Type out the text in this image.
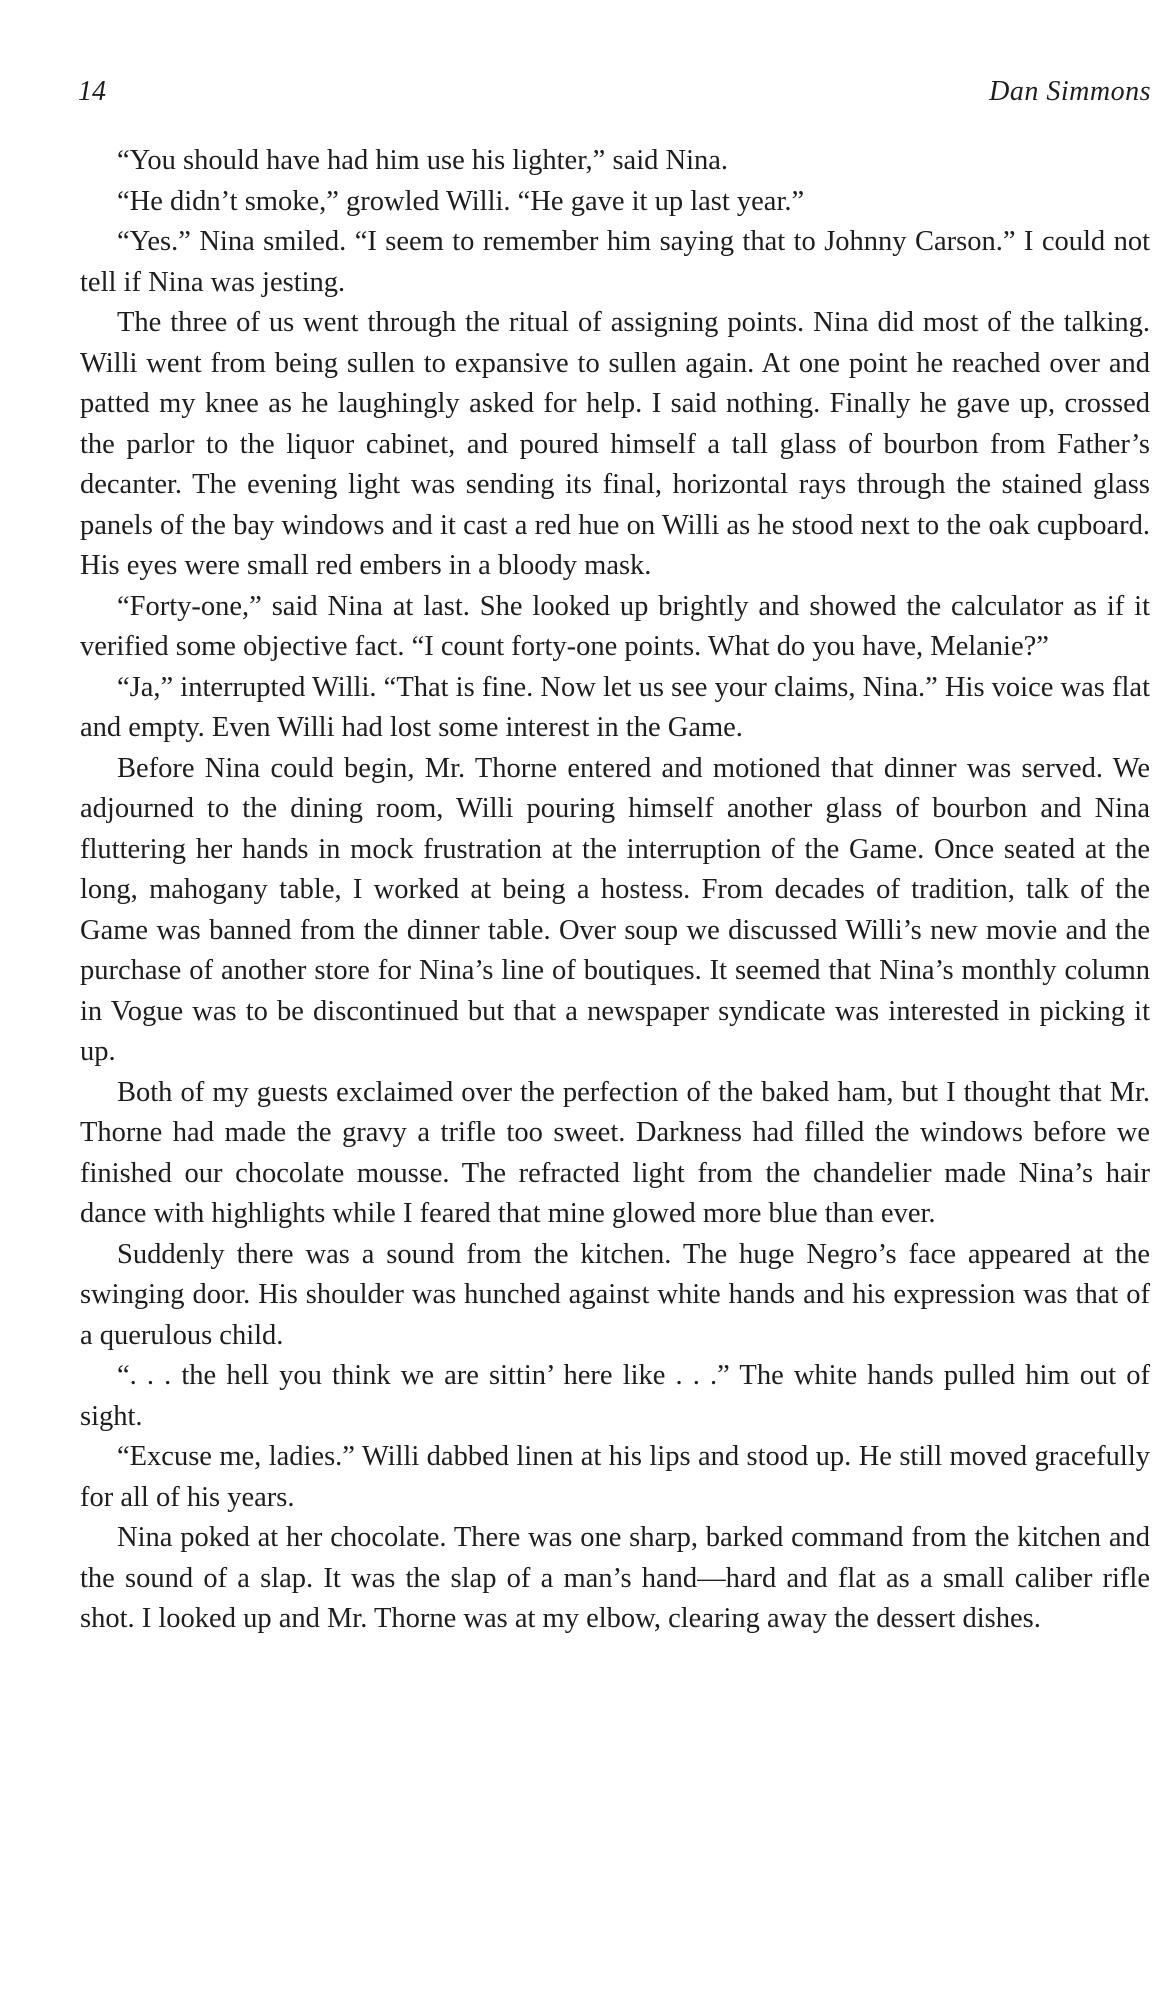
14	Dan Simmons

“You should have had him use his lighter,” said Nina.

“He didn’t smoke,” growled Willi. “He gave it up last year.”

“Yes.” Nina smiled. “I seem to remember him saying that to Johnny Carson.” I could not tell if Nina was jesting.

The three of us went through the ritual of assigning points. Nina did most of the talking. Willi went from being sullen to expansive to sullen again. At one point he reached over and patted my knee as he laughingly asked for help. I said nothing. Finally he gave up, crossed the parlor to the liquor cabinet, and poured himself a tall glass of bourbon from Father’s decanter. The evening light was sending its final, horizontal rays through the stained glass panels of the bay windows and it cast a red hue on Willi as he stood next to the oak cupboard. His eyes were small red embers in a bloody mask.

“Forty-one,” said Nina at last. She looked up brightly and showed the calculator as if it verified some objective fact. “I count forty-one points. What do you have, Melanie?”

“Ja,” interrupted Willi. “That is fine. Now let us see your claims, Nina.” His voice was flat and empty. Even Willi had lost some interest in the Game.

Before Nina could begin, Mr. Thorne entered and motioned that dinner was served. We adjourned to the dining room, Willi pouring himself another glass of bourbon and Nina fluttering her hands in mock frustration at the interruption of the Game. Once seated at the long, mahogany table, I worked at being a hostess. From decades of tradition, talk of the Game was banned from the dinner table. Over soup we discussed Willi’s new movie and the purchase of another store for Nina’s line of boutiques. It seemed that Nina’s monthly column in Vogue was to be discontinued but that a newspaper syndicate was interested in picking it up.

Both of my guests exclaimed over the perfection of the baked ham, but I thought that Mr. Thorne had made the gravy a trifle too sweet. Darkness had filled the windows before we finished our chocolate mousse. The refracted light from the chandelier made Nina’s hair dance with highlights while I feared that mine glowed more blue than ever.

Suddenly there was a sound from the kitchen. The huge Negro’s face appeared at the swinging door. His shoulder was hunched against white hands and his expression was that of a querulous child.

“. . . the hell you think we are sittin’ here like . . .” The white hands pulled him out of sight.

“Excuse me, ladies.” Willi dabbed linen at his lips and stood up. He still moved gracefully for all of his years.

Nina poked at her chocolate. There was one sharp, barked command from the kitchen and the sound of a slap. It was the slap of a man’s hand—hard and flat as a small caliber rifle shot. I looked up and Mr. Thorne was at my elbow, clearing away the dessert dishes.
